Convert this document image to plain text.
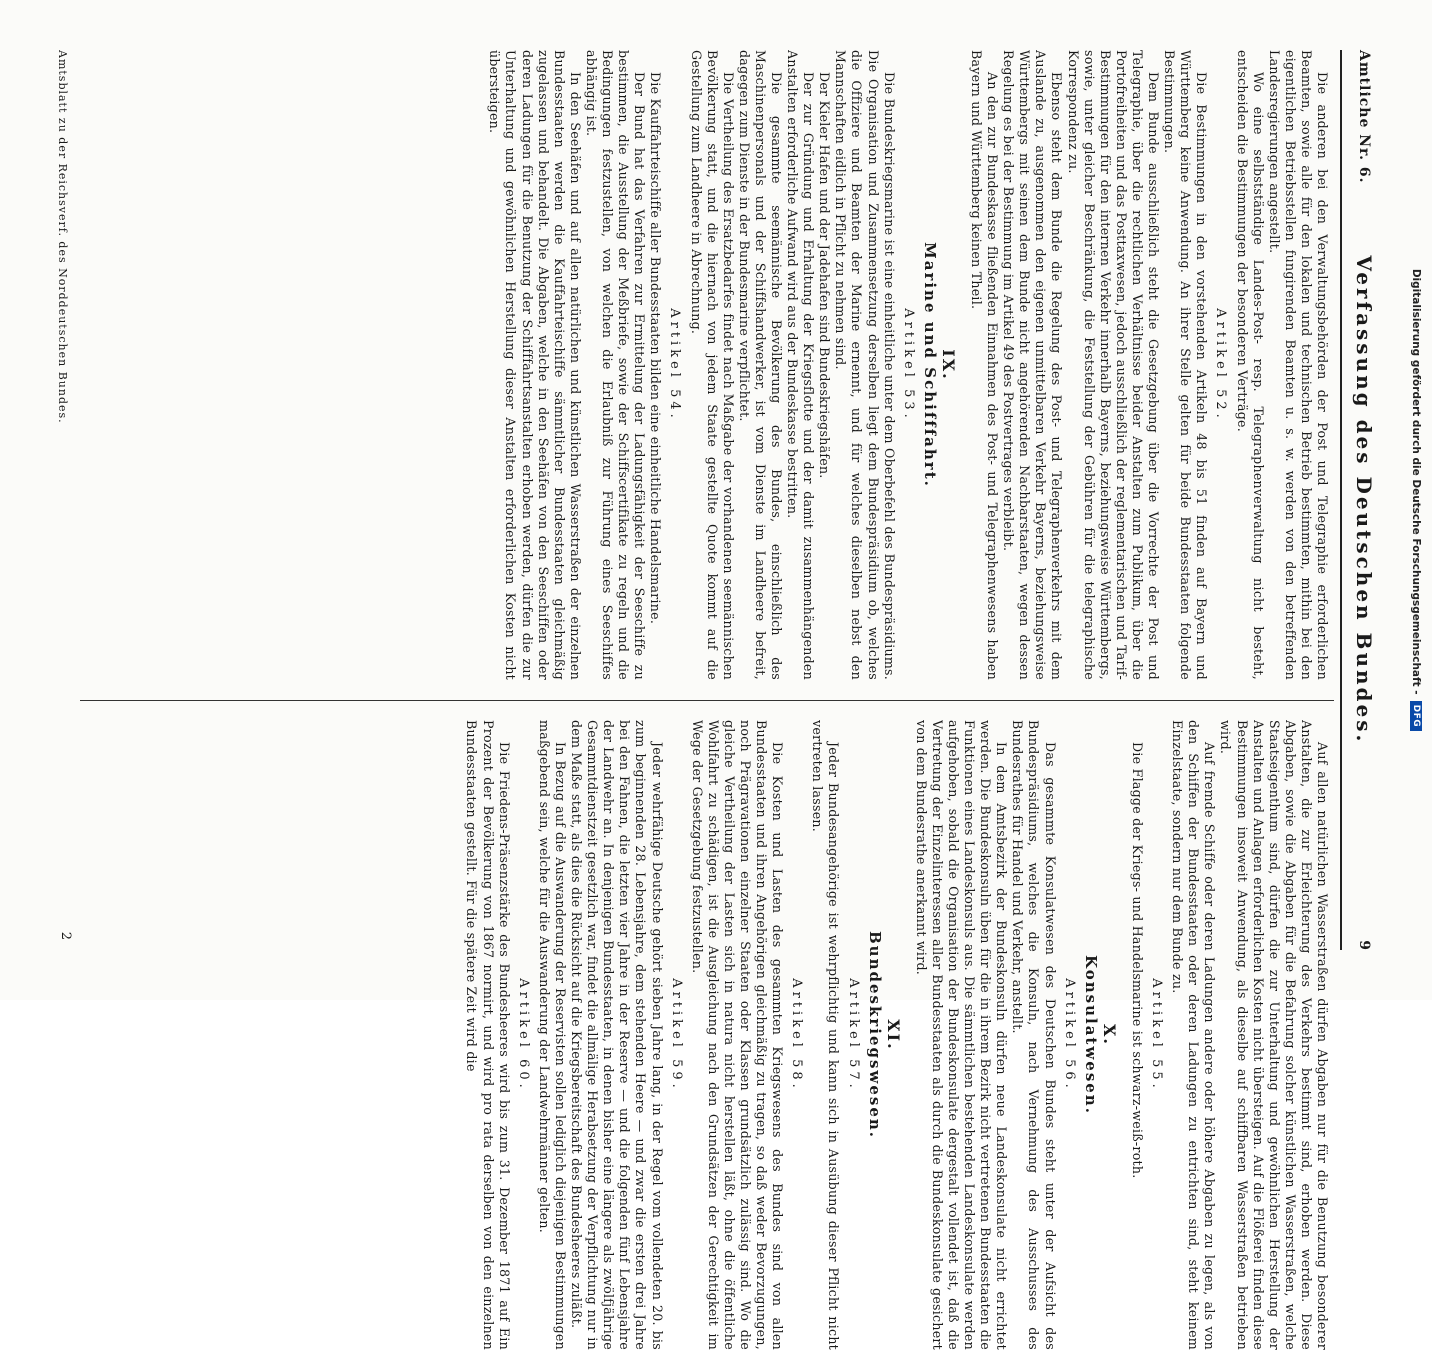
Amtliche Nr. 6.
Verfassung des Deutschen Bundes.
9

Die anderen bei den Verwaltungsbehörden der Post und Telegraphie erforderlichen Beamten, sowie alle für den lokalen und technischen Betrieb bestimmten, mithin bei den eigentlichen Betriebsstellen fungirenden Beamten u. s. w. werden von den betreffenden Landesregierungen angestellt.

Wo eine selbstständige Landes-Post- resp. Telegraphenverwaltung nicht besteht, entscheiden die Bestimmungen der besonderen Verträge.

Artikel 52.

Die Bestimmungen in den vorstehenden Artikeln 48 bis 51 finden auf Bayern und Württemberg keine Anwendung. An ihrer Stelle gelten für beide Bundesstaaten folgende Bestimmungen.

Dem Bunde ausschließlich steht die Gesetzgebung über die Vorrechte der Post und Telegraphie, über die rechtlichen Verhältnisse beider Anstalten zum Publikum, über die Portofreiheiten und das Posttaxwesen, jedoch ausschließlich der reglementarischen und Tarif-Bestimmungen für den internen Verkehr innerhalb Bayerns, beziehungsweise Württembergs, sowie, unter gleicher Beschränkung, die Feststellung der Gebühren für die telegraphische Korrespondenz zu.

Ebenso steht dem Bunde die Regelung des Post- und Telegraphenverkehrs mit dem Auslande zu, ausgenommen den eigenen unmittelbaren Verkehr Bayerns, beziehungsweise Württembergs mit seinen dem Bunde nicht angehörenden Nachbarstaaten, wegen dessen Regelung es bei der Bestimmung im Artikel 49 des Postvertrages verbleibt.

An den zur Bundeskasse fließenden Einnahmen des Post- und Telegraphenwesens haben Bayern und Württemberg keinen Theil.

IX.
Marine und Schifffahrt.
Artikel 53.

Die Bundeskriegsmarine ist eine einheitliche unter dem Oberbefehl des Bundespräsidiums. Die Organisation und Zusammensetzung derselben liegt dem Bundespräsidium ob, welches die Offiziere und Beamten der Marine ernennt, und für welches dieselben nebst den Mannschaften eidlich in Pflicht zu nehmen sind.

Der Kieler Hafen und der Jadehafen sind Bundeskriegshäfen.

Der zur Gründung und Erhaltung der Kriegsflotte und der damit zusammenhängenden Anstalten erforderliche Aufwand wird aus der Bundeskasse bestritten.

Die gesammte seemännische Bevölkerung des Bundes, einschließlich des Maschinenpersonals und der Schiffshandwerker, ist vom Dienste im Landheere befreit, dagegen zum Dienste in der Bundesmarine verpflichtet.

Die Vertheilung des Ersatzbedarfes findet nach Maßgabe der vorhandenen seemännischen Bevölkerung statt, und die hiernach von jedem Staate gestellte Quote kommt auf die Gestellung zum Landheere in Abrechnung.

Artikel 54.

Die Kauffahrteischiffe aller Bundesstaaten bilden eine einheitliche Handelsmarine.

Der Bund hat das Verfahren zur Ermittelung der Ladungsfähigkeit der Seeschiffe zu bestimmen, die Ausstellung der Meßbriefe, sowie der Schiffscertifikate zu regeln und die Bedingungen festzustellen, von welchen die Erlaubniß zur Führung eines Seeschiffes abhängig ist.

In den Seehäfen und auf allen natürlichen und künstlichen Wasserstraßen der einzelnen Bundesstaaten werden die Kauffahrteischiffe sämmtlicher Bundesstaaten gleichmäßig zugelassen und behandelt. Die Abgaben, welche in den Seehäfen von den Seeschiffen oder deren Ladungen für die Benutzung der Schifffahrtsanstalten erhoben werden, dürfen die zur Unterhaltung und gewöhnlichen Herstellung dieser Anstalten erforderlichen Kosten nicht übersteigen.

Auf allen natürlichen Wasserstraßen dürfen Abgaben nur für die Benutzung besonderer Anstalten, die zur Erleichterung des Verkehrs bestimmt sind, erhoben werden. Diese Abgaben, sowie die Abgaben für die Befahrung solcher künstlichen Wasserstraßen, welche Staatseigenthum sind, dürfen die zur Unterhaltung und gewöhnlichen Herstellung der Anstalten und Anlagen erforderlichen Kosten nicht übersteigen. Auf die Flößerei finden diese Bestimmungen insoweit Anwendung, als dieselbe auf schiffbaren Wasserstraßen betrieben wird.

Auf fremde Schiffe oder deren Ladungen andere oder höhere Abgaben zu legen, als von den Schiffen der Bundesstaaten oder deren Ladungen zu entrichten sind, steht keinem Einzelstaate, sondern nur dem Bunde zu.

Artikel 55.

Die Flagge der Kriegs- und Handelsmarine ist schwarz-weiß-roth.

X.
Konsulatwesen.
Artikel 56.

Das gesammte Konsulatwesen des Deutschen Bundes steht unter der Aufsicht des Bundespräsidiums, welches die Konsuln, nach Vernehmung des Ausschusses des Bundesrathes für Handel und Verkehr, anstellt.

In dem Amtsbezirk der Bundeskonsuln dürfen neue Landeskonsulate nicht errichtet werden. Die Bundeskonsuln üben für die in ihrem Bezirk nicht vertretenen Bundesstaaten die Funktionen eines Landeskonsuls aus. Die sämmtlichen bestehenden Landeskonsulate werden aufgehoben, sobald die Organisation der Bundeskonsulate dergestalt vollendet ist, daß die Vertretung der Einzelinteressen aller Bundesstaaten als durch die Bundeskonsulate gesichert von dem Bundesrathe anerkannt wird.

XI.
Bundeskriegswesen.
Artikel 57.

Jeder Bundesangehörige ist wehrpflichtig und kann sich in Ausübung dieser Pflicht nicht vertreten lassen.

Artikel 58.

Die Kosten und Lasten des gesammten Kriegswesens des Bundes sind von allen Bundesstaaten und ihren Angehörigen gleichmäßig zu tragen, so daß weder Bevorzugungen, noch Prägravationen einzelner Staaten oder Klassen grundsätzlich zulässig sind. Wo die gleiche Vertheilung der Lasten sich in natura nicht herstellen läßt, ohne die öffentliche Wohlfahrt zu schädigen, ist die Ausgleichung nach den Grundsätzen der Gerechtigkeit im Wege der Gesetzgebung festzustellen.

Artikel 59.

Jeder wehrfähige Deutsche gehört sieben Jahre lang, in der Regel vom vollendeten 20. bis zum beginnenden 28. Lebensjahre, dem stehenden Heere — und zwar die ersten drei Jahre bei den Fahnen, die letzten vier Jahre in der Reserve — und die folgenden fünf Lebensjahre der Landwehr an. In denjenigen Bundesstaaten, in denen bisher eine längere als zwölfjährige Gesammtdienstzeit gesetzlich war, findet die allmälige Herabsetzung der Verpflichtung nur in dem Maße statt, als dies die Rücksicht auf die Kriegsbereitschaft des Bundesheeres zuläßt.

In Bezug auf die Auswanderung der Reservisten sollen lediglich diejenigen Bestimmungen maßgebend sein, welche für die Auswanderung der Landwehrmänner gelten.

Artikel 60.

Die Friedens-Präsenzstärke des Bundesheeres wird bis zum 31. Dezember 1871 auf Ein Prozent der Bevölkerung von 1867 normirt, und wird pro rata derselben von den einzelnen Bundesstaaten gestellt. Für die spätere Zeit wird die

Amtsblatt zu der Reichsverf. des Norddeutschen Bundes.
2
Digitalisierung gefördert durch die Deutsche Forschungsgemeinschaft -
DFG
